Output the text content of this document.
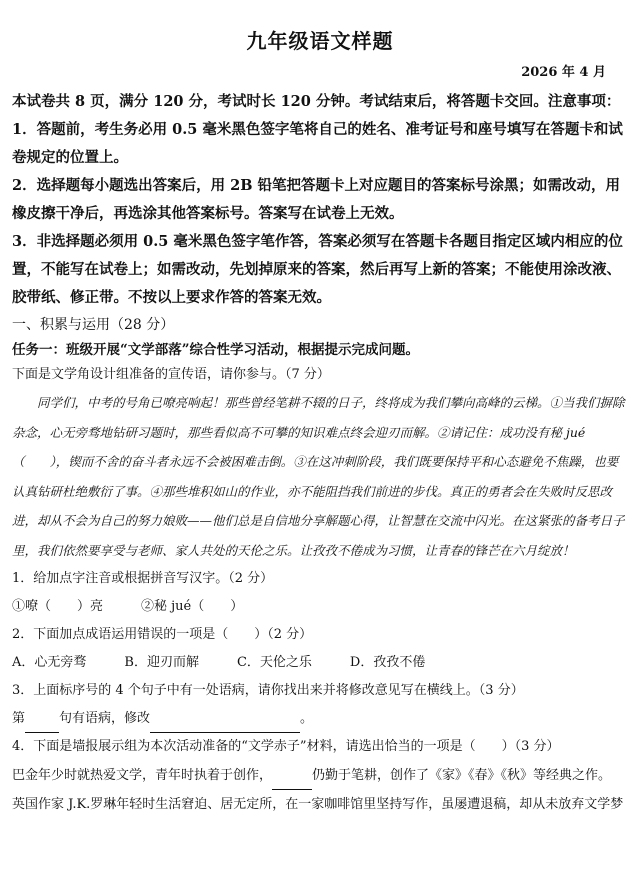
九年级语文样题
2026 年 4 月

本试卷共 8 页，满分 120 分，考试时长 120 分钟。考试结束后，将答题卡交回。注意事项：

1．答题前，考生务必用 0.5 毫米黑色签字笔将自己的姓名、准考证号和座号填写在答题卡和试卷规定的位置上。

2．选择题每小题选出答案后，用 2B 铅笔把答题卡上对应题目的答案标号涂黑；如需改动，用橡皮擦干净后，再选涂其他答案标号。答案写在试卷上无效。

3．非选择题必须用 0.5 毫米黑色签字笔作答，答案必须写在答题卡各题目指定区域内相应的位置，不能写在试卷上；如需改动，先划掉原来的答案，然后再写上新的答案；不能使用涂改液、胶带纸、修正带。不按以上要求作答的答案无效。

一、积累与运用（28 分）

任务一：班级开展“文学部落”综合性学习活动，根据提示完成问题。

下面是文学角设计组准备的宣传语，请你参与。（7 分）

同学们，中考的号角已嘹亮响起！那些曾经笔耕不辍的日子，终将成为我们攀向高峰的云梯。①当我们摒除杂念，心无旁骛地钻研习题时，那些看似高不可攀的知识难点终会迎刃而解。②请记住：成功没有秘 jué（　　），锲而不舍的奋斗者永远不会被困难击倒。③在这冲刺阶段，我们既要保持平和心态避免不焦躁，也要认真钻研杜绝敷衍了事。④那些堆积如山的作业，亦不能阻挡我们前进的步伐。真正的勇者会在失败时反思改进，却从不会为自己的努力娘败——他们总是自信地分享解题心得，让智慧在交流中闪光。在这紧张的备考日子里，我们依然要享受与老师、家人共处的天伦之乐。让孜孜不倦成为习惯，让青春的锋芒在六月绽放！

1．给加点字注音或根据拼音写汉字。（2 分）

①嘹（　　）亮	②秘 jué（　　）

2．下面加点成语运用错误的一项是（　　）（2 分）

A．心无旁骛	B．迎刃而解	C．天伦之乐	D．孜孜不倦

3．上面标序号的 4 个句子中有一处语病，请你找出来并将修改意见写在横线上。（3 分）

第	句有语病，修改	。

4．下面是墙报展示组为本次活动准备的“文学赤子”材料，请选出恰当的一项是（　　）（3 分）

巴金年少时就热爱文学，青年时执着于创作，	仍勤于笔耕，创作了《家》《春》《秋》等经典之作。

英国作家 J.K.罗琳年轻时生活窘迫、居无定所，在一家咖啡馆里坚持写作，虽屡遭退稿，却从未放弃文学梦
